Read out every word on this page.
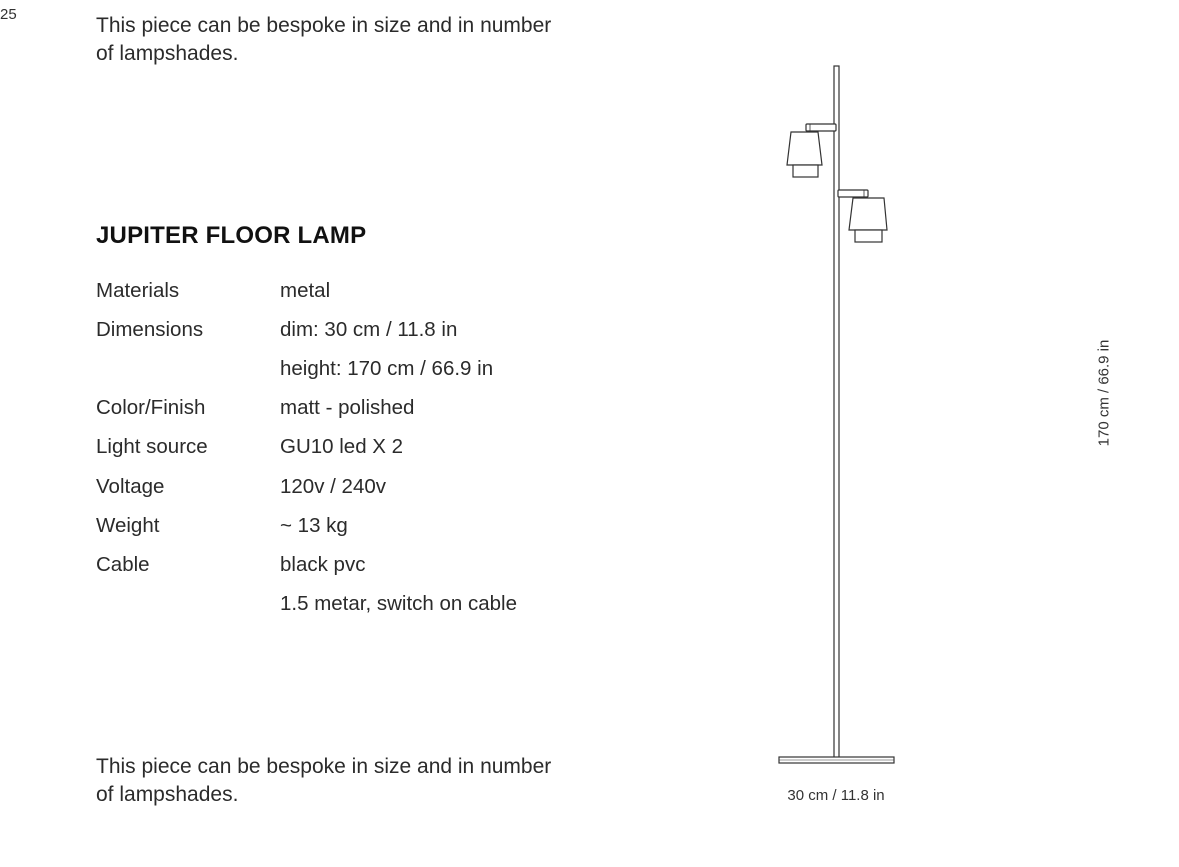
25	This piece can be bespoke in size and in number of lampshades.
JUPITER FLOOR LAMP
Materials	metal
Dimensions	dim: 30 cm / 11.8 in
height: 170 cm / 66.9 in
Color/Finish	matt - polished
Light source	GU10 led X 2
Voltage	120v / 240v
Weight	~ 13 kg
Cable	black pvc
1.5 metar, switch on cable
This piece can be bespoke in size and in number of lampshades.	30 cm / 11.8 in
170 cm / 66.9 in
